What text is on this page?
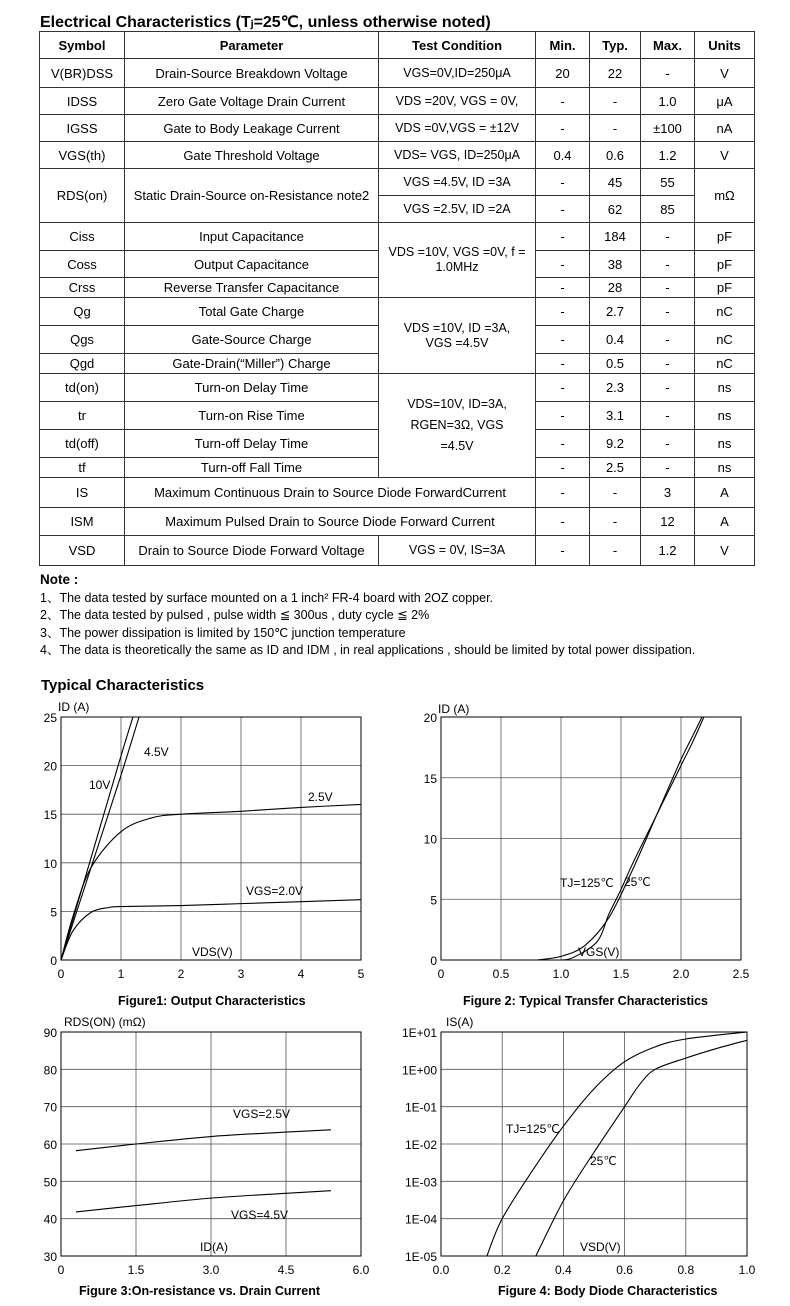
Electrical Characteristics (Tⱼ=25℃, unless otherwise noted)
Symbol	Parameter	Test Condition	Min.	Typ.	Max.	Units
V(BR)DSS	Drain-Source Breakdown Voltage	VGS=0V,ID=250μA	20	22	-	V
IDSS	Zero Gate Voltage Drain Current	VDS =20V, VGS = 0V,	-	-	1.0	μA
IGSS	Gate to Body Leakage Current	VDS =0V,VGS = ±12V	-	-	±100	nA
VGS(th)	Gate Threshold Voltage	VDS= VGS, ID=250μA	0.4	0.6	1.2	V
RDS(on)	Static Drain-Source on-Resistance note2	VGS =4.5V, ID =3A	-	45	55	mΩ
		VGS =2.5V, ID =2A	-	62	85	
Ciss	Input Capacitance	VDS =10V, VGS =0V, f = 1.0MHz	-	184	-	pF
Coss	Output Capacitance		-	38	-	pF
Crss	Reverse Transfer Capacitance		-	28	-	pF
Qg	Total Gate Charge	VDS =10V, ID =3A, VGS =4.5V	-	2.7	-	nC
Qgs	Gate-Source Charge		-	0.4	-	nC
Qgd	Gate-Drain(“Miller”) Charge		-	0.5	-	nC
td(on)	Turn-on Delay Time	VDS=10V, ID=3A, RGEN=3Ω, VGS =4.5V	-	2.3	-	ns
tr	Turn-on Rise Time		-	3.1	-	ns
td(off)	Turn-off Delay Time		-	9.2	-	ns
tf	Turn-off Fall Time		-	2.5	-	ns
IS	Maximum Continuous Drain to Source Diode ForwardCurrent		-	-	3	A
ISM	Maximum Pulsed Drain to Source Diode Forward Current		-	-	12	A
VSD	Drain to Source Diode Forward Voltage	VGS = 0V, IS=3A	-	-	1.2	V
Note :
1、The data tested by surface mounted on a 1 inch² FR-4 board with 2OZ copper.
2、The data tested by pulsed , pulse width ≦ 300us , duty cycle ≦ 2%
3、The power dissipation is limited by 150℃ junction temperature
4、The data is theoretically the same as ID and IDM , in real applications , should be limited by total power dissipation.
Typical Characteristics
0	1	2	3	4	5
0
5
10
15
20
25
0	0.5	1.0	1.5	2.0	2.5
0
5
10
15
20
0	1.5	3.0	4.5	6.0
30
40
50
60
70
80
90
0.0	0.2	0.4	0.6	0.8	1.0
1E-05
1E-04
1E-03
1E-02
1E-01
1E+00
1E+01
ID (A)
VDS(V)
ID (A)
VGS(V)
RDS(ON) (mΩ)
ID(A)
IS(A)
VSD(V)
10V
4.5V
2.5V
VGS=2.0V
TJ=125℃ 25℃
VGS=2.5V
VGS=4.5V
TJ=125℃
25℃
Figure1: Output Characteristics	Figure 2: Typical Transfer Characteristics
Figure 3:On-resistance vs. Drain Current	Figure 4: Body Diode Characteristics
